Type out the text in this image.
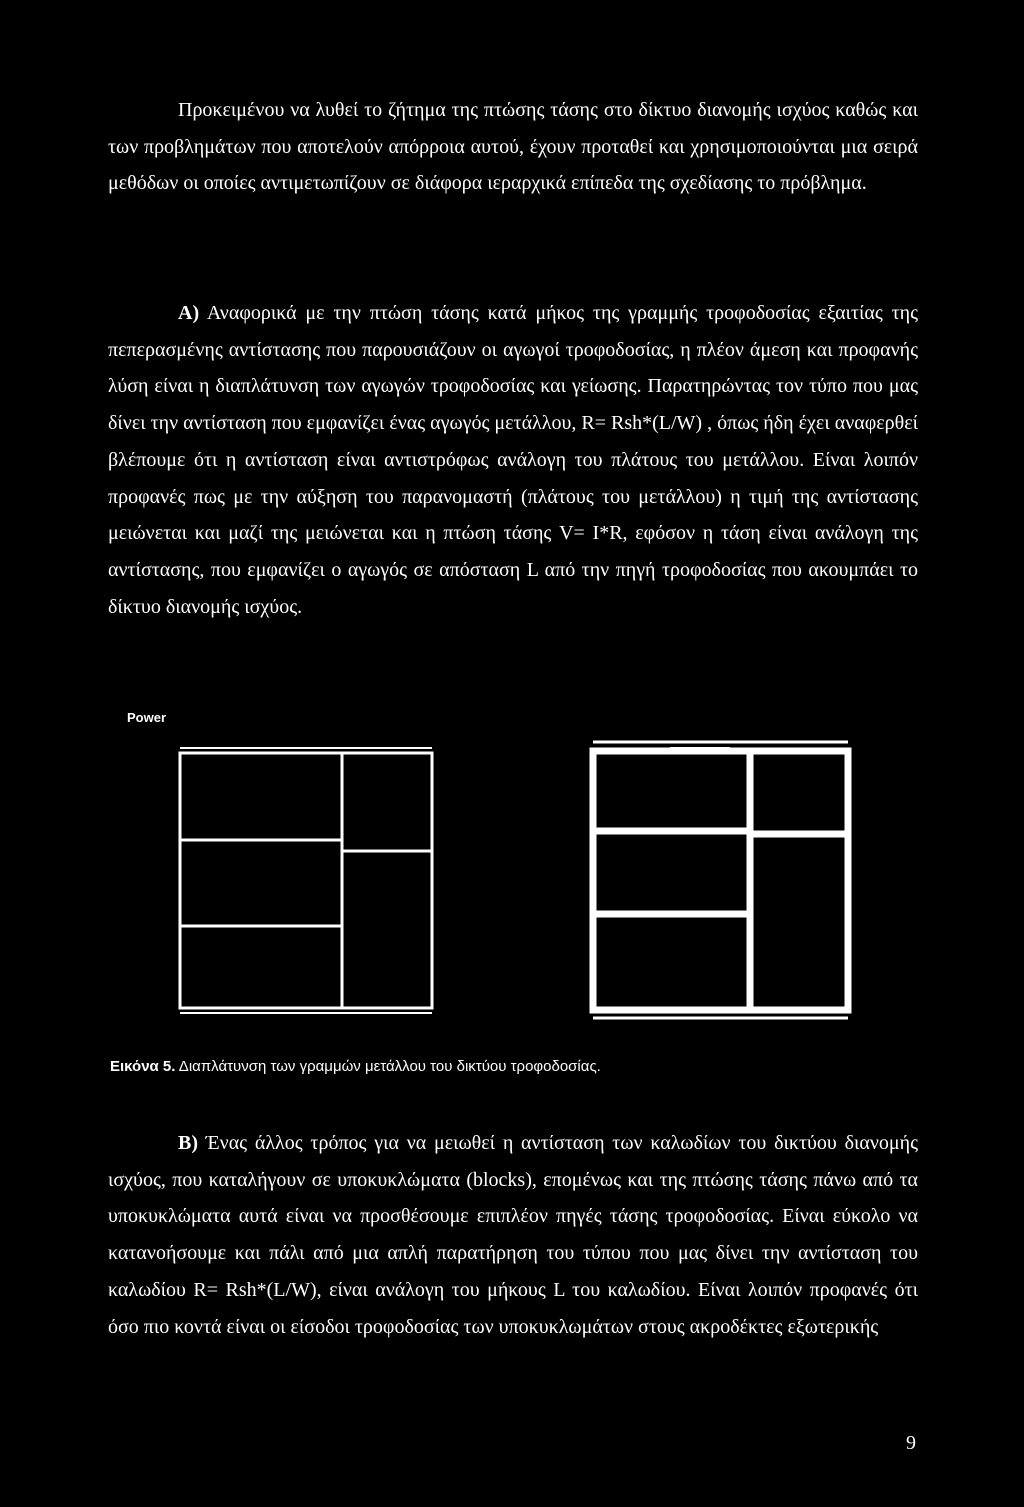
Προκειμένου να λυθεί το ζήτημα της πτώσης τάσης στο δίκτυο διανομής ισχύος καθώς και των προβλημάτων που αποτελούν απόρροια αυτού, έχουν προταθεί και χρησιμοποιούνται μια σειρά μεθόδων οι οποίες αντιμετωπίζουν σε διάφορα ιεραρχικά επίπεδα της σχεδίασης το πρόβλημα.

Α) Αναφορικά με την πτώση τάσης κατά μήκος της γραμμής τροφοδοσίας εξαιτίας της πεπερασμένης αντίστασης που παρουσιάζουν οι αγωγοί τροφοδοσίας, η πλέον άμεση και προφανής λύση είναι η διαπλάτυνση των αγωγών τροφοδοσίας και γείωσης. Παρατηρώντας τον τύπο που μας δίνει την αντίσταση που εμφανίζει ένας αγωγός μετάλλου, R= Rsh*(L/W) , όπως ήδη έχει αναφερθεί βλέπουμε ότι η αντίσταση είναι αντιστρόφως ανάλογη του πλάτους του μετάλλου. Είναι λοιπόν προφανές πως με την αύξηση του παρανομαστή (πλάτους του μετάλλου) η τιμή της αντίστασης μειώνεται και μαζί της μειώνεται και η πτώση τάσης V= I*R, εφόσον η τάση είναι ανάλογη της αντίστασης, που εμφανίζει ο αγωγός σε απόσταση L από την πηγή τροφοδοσίας που ακουμπάει το δίκτυο διανομής ισχύος.

Power
Εικόνα 5. Διαπλάτυνση των γραμμών μετάλλου του δικτύου τροφοδοσίας.

Β) Ένας άλλος τρόπος για να μειωθεί η αντίσταση των καλωδίων του δικτύου διανομής ισχύος, που καταλήγουν σε υποκυκλώματα (blocks), επομένως και της πτώσης τάσης πάνω από τα υποκυκλώματα αυτά είναι να προσθέσουμε επιπλέον πηγές τάσης τροφοδοσίας. Είναι εύκολο να κατανοήσουμε και πάλι από μια απλή παρατήρηση του τύπου που μας δίνει την αντίσταση του καλωδίου R= Rsh*(L/W), είναι ανάλογη του μήκους L του καλωδίου. Είναι λοιπόν προφανές ότι όσο πιο κοντά είναι οι είσοδοι τροφοδοσίας των υποκυκλωμάτων στους ακροδέκτες εξωτερικής

9
